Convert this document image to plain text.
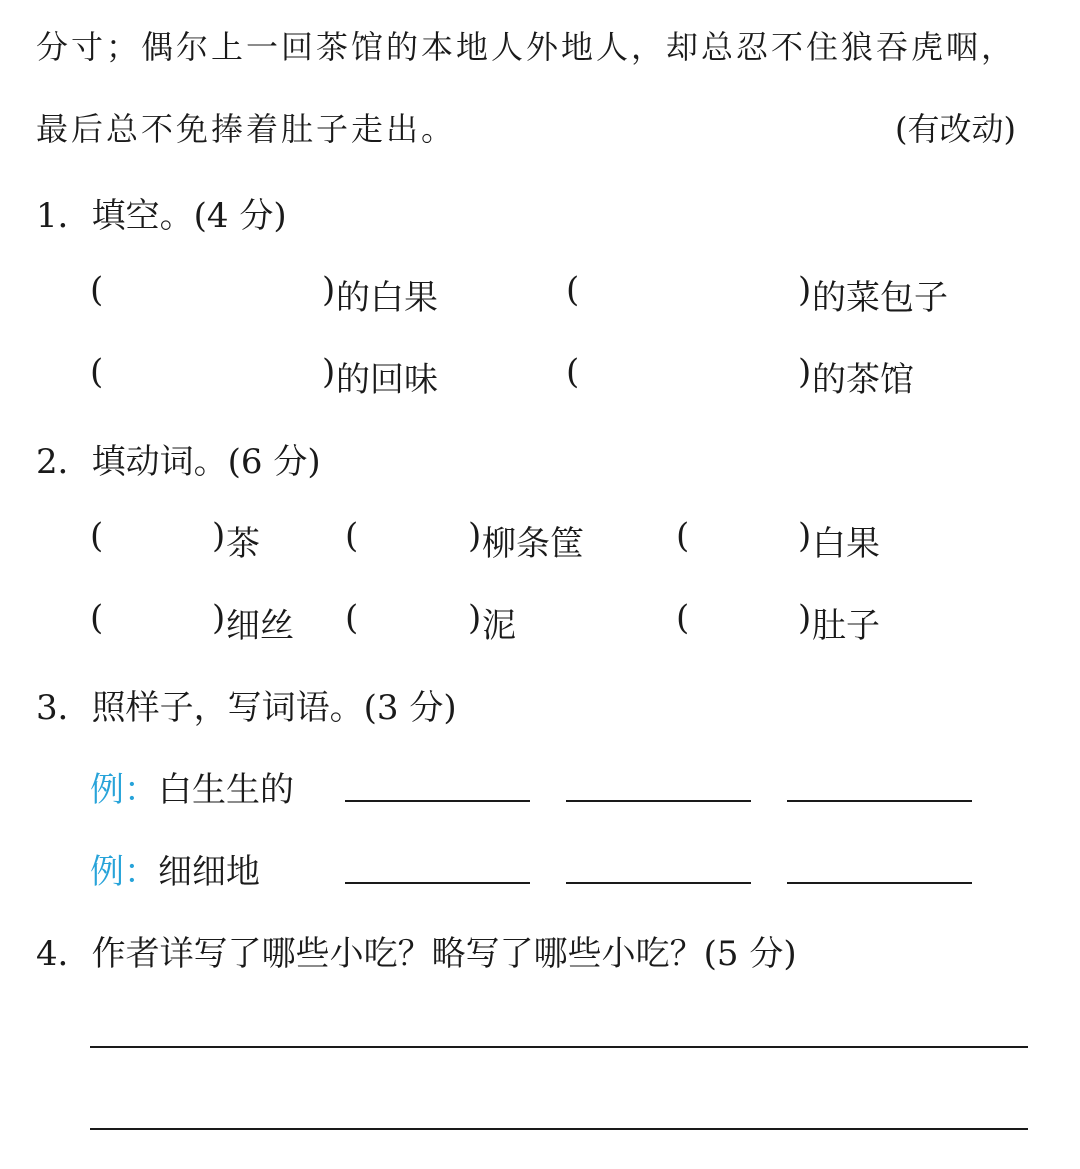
分寸；偶尔上一回茶馆的本地人外地人，却总忍不住狼吞虎咽，
最后总不免捧着肚子走出。	(有改动)
1．填空。(4 分)
(	) 的白果	(	) 的菜包子
(	) 的回味	(	) 的茶馆
2．填动词。(6 分)
(	) 茶	(	) 柳条筐	(	) 白果
(	) 细丝 (	) 泥	(	) 肚子
3．照样子，写词语。(3 分)
例：白生生的
例：细细地
4．作者详写了哪些小吃？略写了哪些小吃？(5 分)
